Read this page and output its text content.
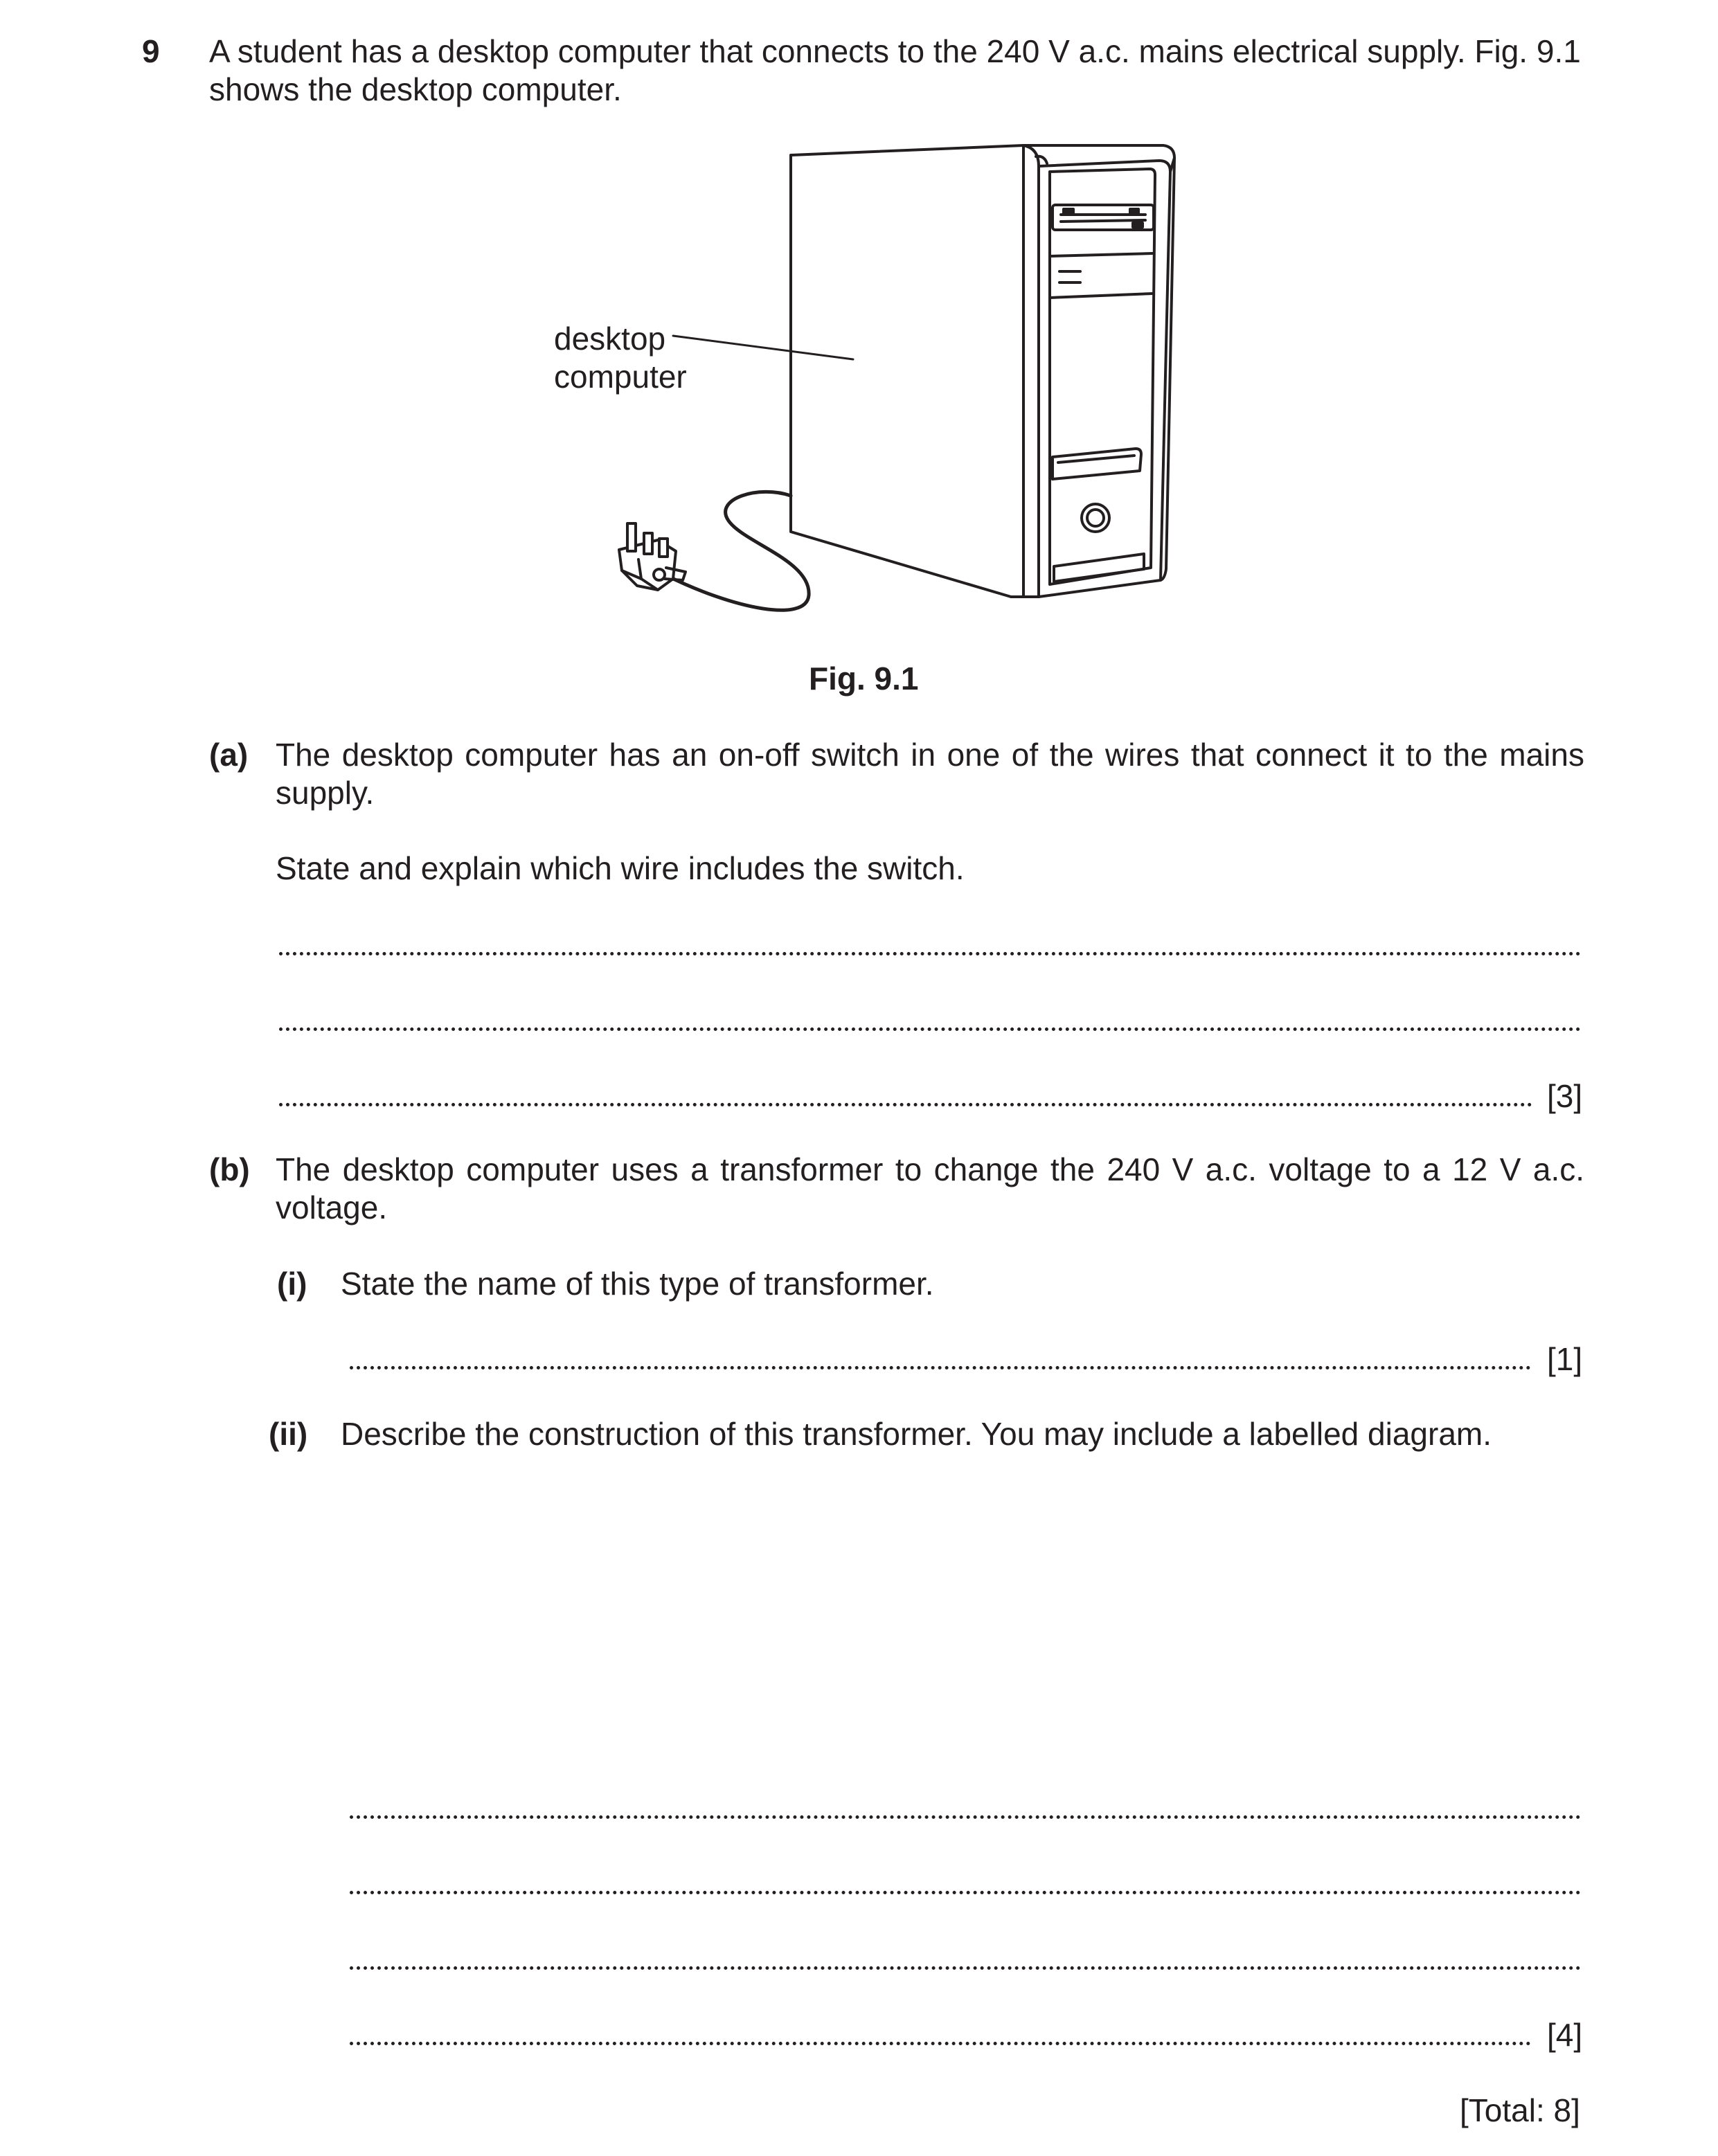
9 A student has a desktop computer that connects to the 240 V a.c. mains electrical supply. Fig. 9.1
shows the desktop computer.
desktop
computer
Fig. 9.1
(a) The desktop computer has an on-off switch in one of the wires that connect it to the mains
supply.
State and explain which wire includes the switch.
[3]
(b) The desktop computer uses a transformer to change the 240 V a.c. voltage to a 12 V a.c.
voltage.
(i) State the name of this type of transformer.
[1]
(ii) Describe the construction of this transformer. You may include a labelled diagram.
[4]
[Total: 8]
